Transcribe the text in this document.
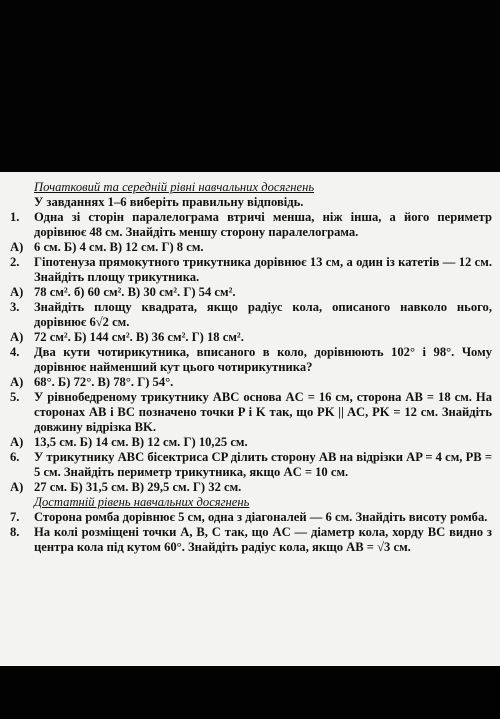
Початковий та середній рівні навчальних досягнень
У завданнях 1–6 виберіть правильну відповідь.
1.	Одна зі сторін паралелограма втричі менша, ніж інша, а його периметр дорівнює 48 см. Знайдіть меншу сторону паралелограма.
А) 6 см. Б) 4 см. В) 12 см. Г) 8 см.
2.	Гіпотенуза прямокутного трикутника дорівнює 13 см, а один із катетів — 12 см. Знайдіть площу трикутника.
А) 78 см². б) 60 см². В) 30 см². Г) 54 см².
3.	Знайдіть площу квадрата, якщо радіус кола, описаного навколо нього, дорівнює 6√2 см.
А) 72 см². Б) 144 см². В) 36 см². Г) 18 см².
4.	Два кути чотирикутника, вписаного в коло, дорівнюють 102° і 98°. Чому дорівнює найменший кут цього чотирикутника?
А) 68°. Б) 72°. В) 78°. Г) 54°.
5.	У рівнобедреному трикутнику ABC основа AC = 16 см, сторона AB = 18 см. На сторонах AB і BC позначено точки P і K так, що PK || AC, PK = 12 см. Знайдіть довжину відрізка BK.
А) 13,5 см. Б) 14 см. В) 12 см. Г) 10,25 см.
6.	У трикутнику ABC бісектриса CP ділить сторону AB на відрізки AP = 4 см, PB = 5 см. Знайдіть периметр трикутника, якщо AC = 10 см.
А) 27 см. Б) 31,5 см. В) 29,5 см. Г) 32 см.
Достатній рівень навчальних досягнень
7.	Сторона ромба дорівнює 5 см, одна з діагоналей — 6 см. Знайдіть висоту ромба.
8.	На колі розміщені точки A, B, C так, що AC — діаметр кола, хорду BC видно з центра кола під кутом 60°. Знайдіть радіус кола, якщо AB = √3 см.
